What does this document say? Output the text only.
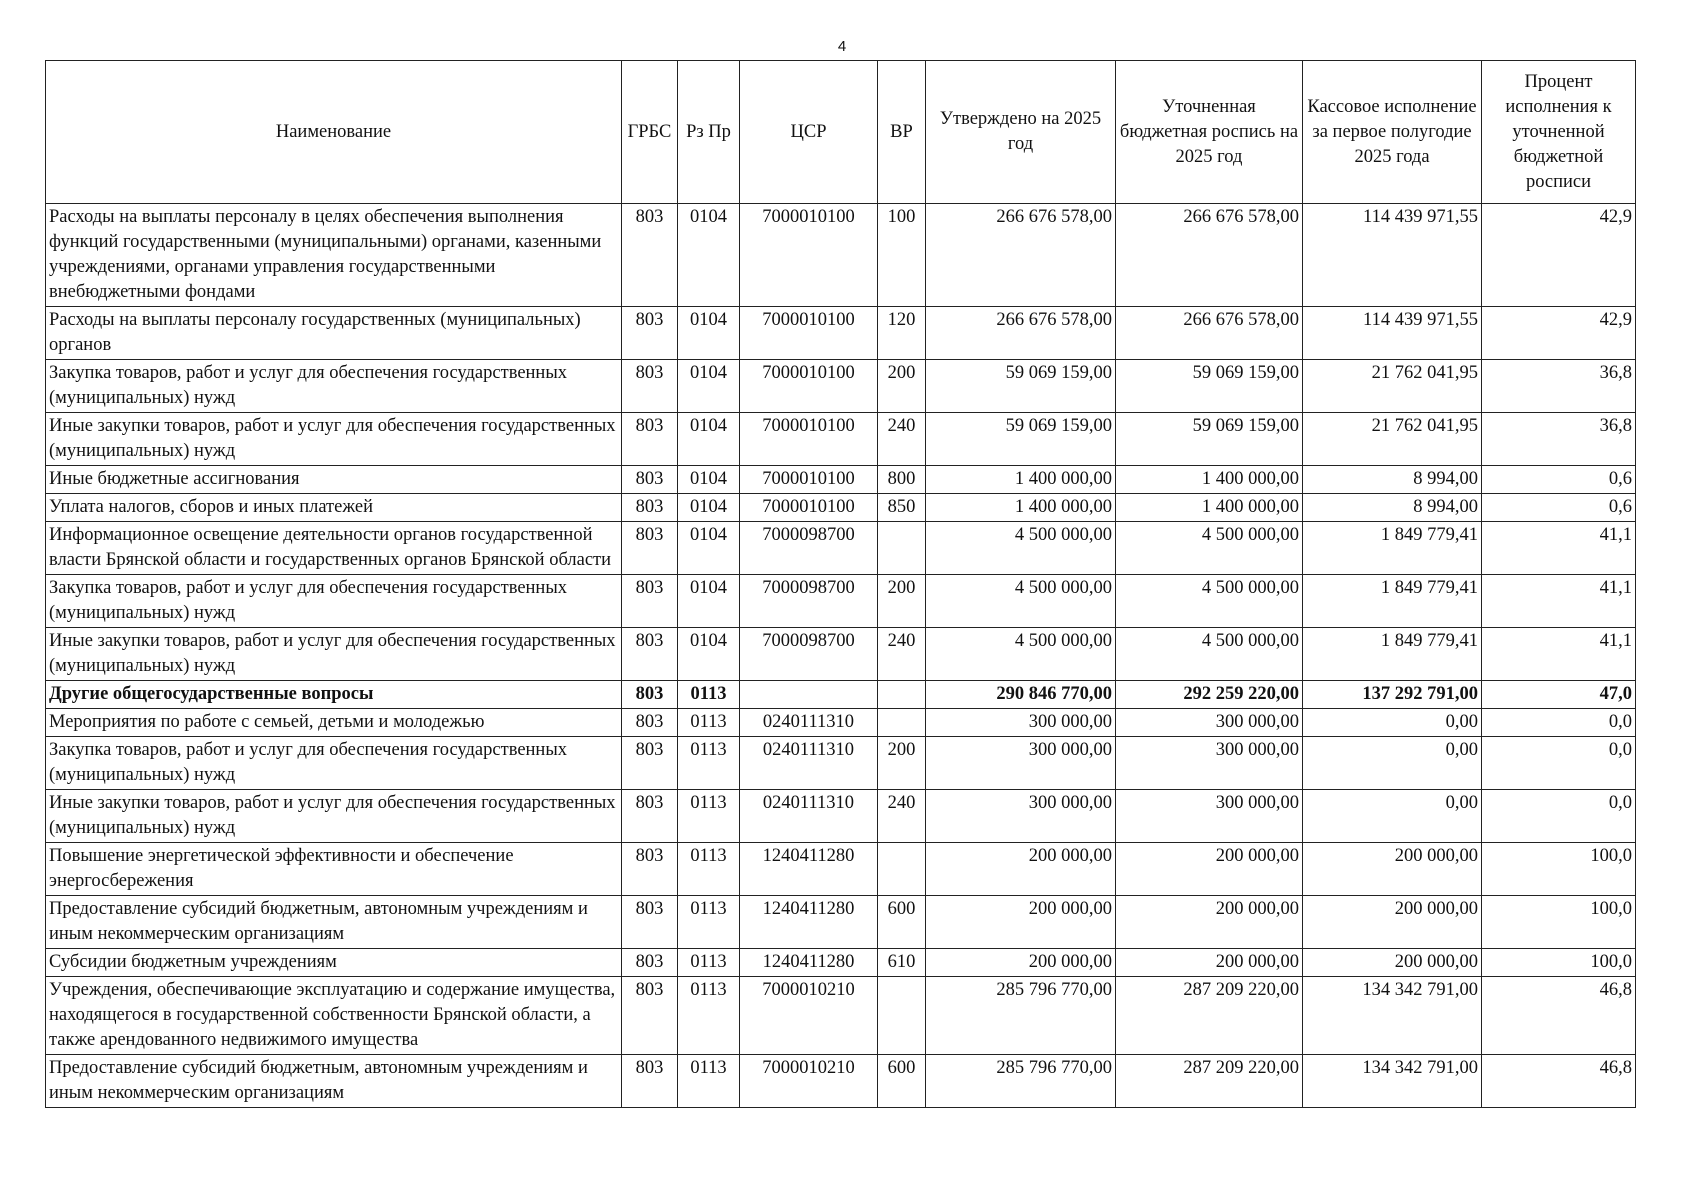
4
Наименование	ГРБС	Рз Пр	ЦСР	ВР	Утверждено на 2025 год	Уточненная бюджетная роспись на 2025 год	Кассовое исполнение за первое полугодие 2025 года	Процент исполнения к уточненной бюджетной росписи
Расходы на выплаты персоналу в целях обеспечения выполнения функций государственными (муниципальными) органами, казенными учреждениями, органами управления государственными внебюджетными фондами	803	0104	7000010100	100	266 676 578,00	266 676 578,00	114 439 971,55	42,9
Расходы на выплаты персоналу государственных (муниципальных) органов	803	0104	7000010100	120	266 676 578,00	266 676 578,00	114 439 971,55	42,9
Закупка товаров, работ и услуг для обеспечения государственных (муниципальных) нужд	803	0104	7000010100	200	59 069 159,00	59 069 159,00	21 762 041,95	36,8
Иные закупки товаров, работ и услуг для обеспечения государственных (муниципальных) нужд	803	0104	7000010100	240	59 069 159,00	59 069 159,00	21 762 041,95	36,8
Иные бюджетные ассигнования	803	0104	7000010100	800	1 400 000,00	1 400 000,00	8 994,00	0,6
Уплата налогов, сборов и иных платежей	803	0104	7000010100	850	1 400 000,00	1 400 000,00	8 994,00	0,6
Информационное освещение деятельности органов государственной власти Брянской области и государственных органов Брянской области	803	0104	7000098700		4 500 000,00	4 500 000,00	1 849 779,41	41,1
Закупка товаров, работ и услуг для обеспечения государственных (муниципальных) нужд	803	0104	7000098700	200	4 500 000,00	4 500 000,00	1 849 779,41	41,1
Иные закупки товаров, работ и услуг для обеспечения государственных (муниципальных) нужд	803	0104	7000098700	240	4 500 000,00	4 500 000,00	1 849 779,41	41,1
Другие общегосударственные вопросы	803	0113			290 846 770,00	292 259 220,00	137 292 791,00	47,0
Мероприятия по работе с семьей, детьми и молодежью	803	0113	0240111310		300 000,00	300 000,00	0,00	0,0
Закупка товаров, работ и услуг для обеспечения государственных (муниципальных) нужд	803	0113	0240111310	200	300 000,00	300 000,00	0,00	0,0
Иные закупки товаров, работ и услуг для обеспечения государственных (муниципальных) нужд	803	0113	0240111310	240	300 000,00	300 000,00	0,00	0,0
Повышение энергетической эффективности и обеспечение энергосбережения	803	0113	1240411280		200 000,00	200 000,00	200 000,00	100,0
Предоставление субсидий бюджетным, автономным учреждениям и иным некоммерческим организациям	803	0113	1240411280	600	200 000,00	200 000,00	200 000,00	100,0
Субсидии бюджетным учреждениям	803	0113	1240411280	610	200 000,00	200 000,00	200 000,00	100,0
Учреждения, обеспечивающие эксплуатацию и содержание имущества, находящегося в государственной собственности Брянской области, а также арендованного недвижимого имущества	803	0113	7000010210		285 796 770,00	287 209 220,00	134 342 791,00	46,8
Предоставление субсидий бюджетным, автономным учреждениям и иным некоммерческим организациям	803	0113	7000010210	600	285 796 770,00	287 209 220,00	134 342 791,00	46,8
